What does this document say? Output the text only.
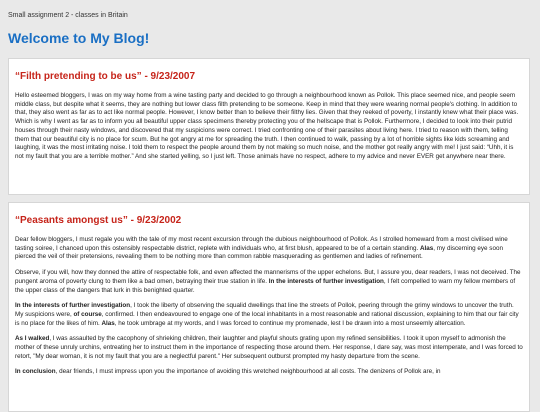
Small assignment 2 - classes in Britain
Welcome to My Blog!
“Filth pretending to be us” - 9/23/2007

Hello esteemed bloggers, I was on my way home from a wine tasting party and decided to go through a neighbourhood known as Pollok. This place seemed nice, and people seem middle class, but despite what it seems, they are nothing but lower class filth pretending to be someone. Keep in mind that they were wearing normal people's clothing. In addition to that, they also went as far as to act like normal people. However, I know better than to believe their filthy lies. Given that they reeked of poverty, I instantly knew what their place was. Which is why I went as far as to inform you all beautiful upper class specimens thereby protecting you of the hellscape that is Pollok. Furthermore, I decided to look into their putrid houses through their nasty windows, and discovered that my suspicions were correct. I tried confronting one of their parasites about living here. I tried to reason with them, telling them that our beautiful city is no place for scum. But he got angry at me for spreading the truth. I then continued to walk, passing by a lot of horrible sights like kids screaming and laughing, it was the most irritating noise. I told them to respect the people around them by not making so much noise, and the mother got really angry with me! I just said: “Uhh, it is not my fault that you are a terrible mother.” And she started yelling, so I just left. Those animals have no respect, adhere to my advice and never EVER get anywhere near there.

“Peasants amongst us” - 9/23/2002

Dear fellow bloggers, I must regale you with the tale of my most recent excursion through the dubious neighbourhood of Pollok. As I strolled homeward from a most civilised wine tasting soiree, I chanced upon this ostensibly respectable district, replete with individuals who, at first blush, appeared to be of a certain standing. Alas, my discerning eye soon pierced the veil of their pretensions, revealing them to be nothing more than common rabble masquerading as gentlemen and ladies of refinement.

Observe, if you will, how they donned the attire of respectable folk, and even affected the mannerisms of the upper echelons. But, I assure you, dear readers, I was not deceived. The pungent aroma of poverty clung to them like a bad omen, betraying their true station in life. In the interests of further investigation, I felt compelled to warn my fellow members of the upper class of the dangers that lurk in this benighted quarter.

In the interests of further investigation, I took the liberty of observing the squalid dwellings that line the streets of Pollok, peering through the grimy windows to uncover the truth. My suspicions were, of course, confirmed. I then endeavoured to engage one of the local inhabitants in a most reasonable and rational discussion, explaining to him that our fair city is no place for the likes of him. Alas, he took umbrage at my words, and I was forced to continue my promenade, lest I be drawn into a most unseemly altercation.

As I walked, I was assaulted by the cacophony of shrieking children, their laughter and playful shouts grating upon my refined sensibilities. I took it upon myself to admonish the mother of these unruly urchins, entreating her to instruct them in the importance of respecting those around them. Her response, I dare say, was most intemperate, and I was forced to retort, "My dear woman, it is not my fault that you are a neglectful parent." Her subsequent outburst prompted my hasty departure from the scene.

In conclusion, dear friends, I must impress upon you the importance of avoiding this wretched neighbourhood at all costs. The denizens of Pollok are, in
